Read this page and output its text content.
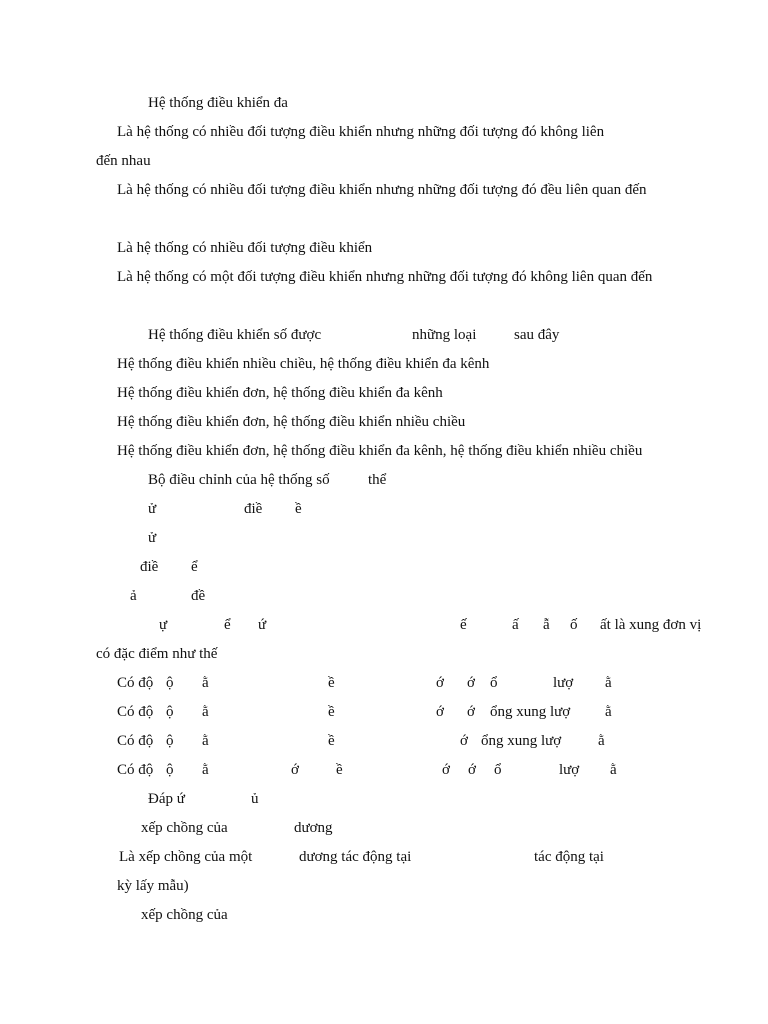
Hệ thống điều khiển đa
Là hệ thống có nhiều đối tượng điều khiển nhưng những đối tượng đó không liên
đến nhau
Là hệ thống có nhiều đối tượng điều khiển nhưng những đối tượng đó đều liên quan đến
Là hệ thống có nhiều đối tượng điều khiển
Là hệ thống có một đối tượng điều khiển nhưng những đối tượng đó không liên quan đến
Hệ thống điều khiển số được	những loại	sau đây
Hệ thống điều khiển nhiều chiều, hệ thống điều khiển đa kênh
Hệ thống điều khiển đơn, hệ thống điều khiển đa kênh
Hệ thống điều khiển đơn, hệ thống điều khiển nhiều chiều
Hệ thống điều khiển đơn, hệ thống điều khiển đa kênh, hệ thống điều khiển nhiều chiều
Bộ điều chỉnh của hệ thống số	thể
ử	điề ề
ử
điề ể
ả	đề
ự	ể ứ	ế	ấ ẫ ố ất là xung đơn vị
có đặc điểm như thế
Có độ ộ ằ	ề	ớ ớ ổ	lượ ằ
Có độ ộ ằ	ề	ớ ớ ổng xung lượ ằ
Có độ ộ ằ	ề	ớ ổng xung lượ ằ
Có độ ộ ằ	ớ ề	ớ ớ ổ	lượ ằ
Đáp ứ	ủ
xếp chồng của	dương
Là xếp chồng của một	dương tác động tại	tác động tại
kỳ lấy mẫu)
xếp chồng của
